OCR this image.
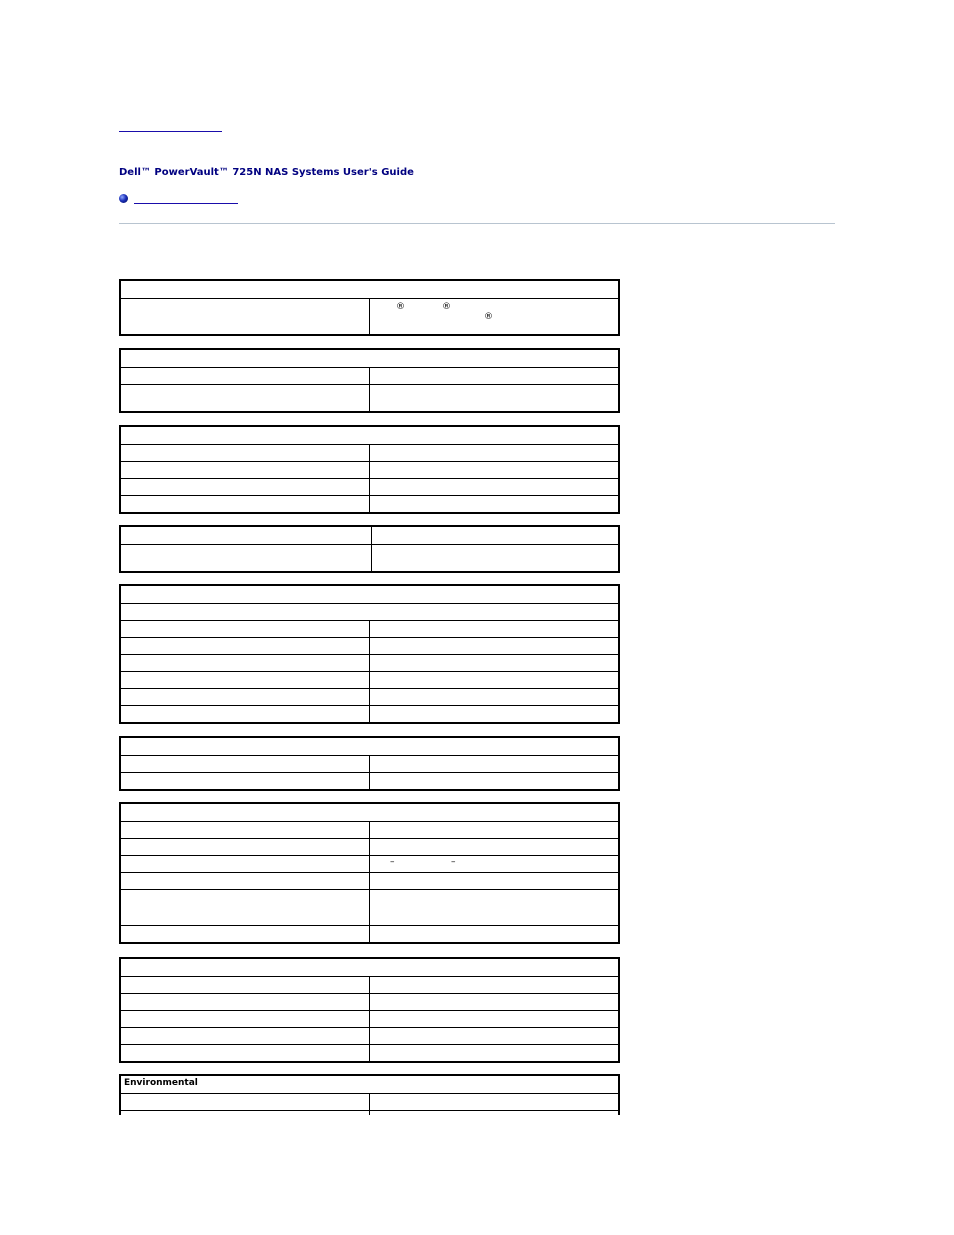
Dell™ PowerVault™ 725N NAS Systems User's Guide

®	®
®

	– –

Environmental	
